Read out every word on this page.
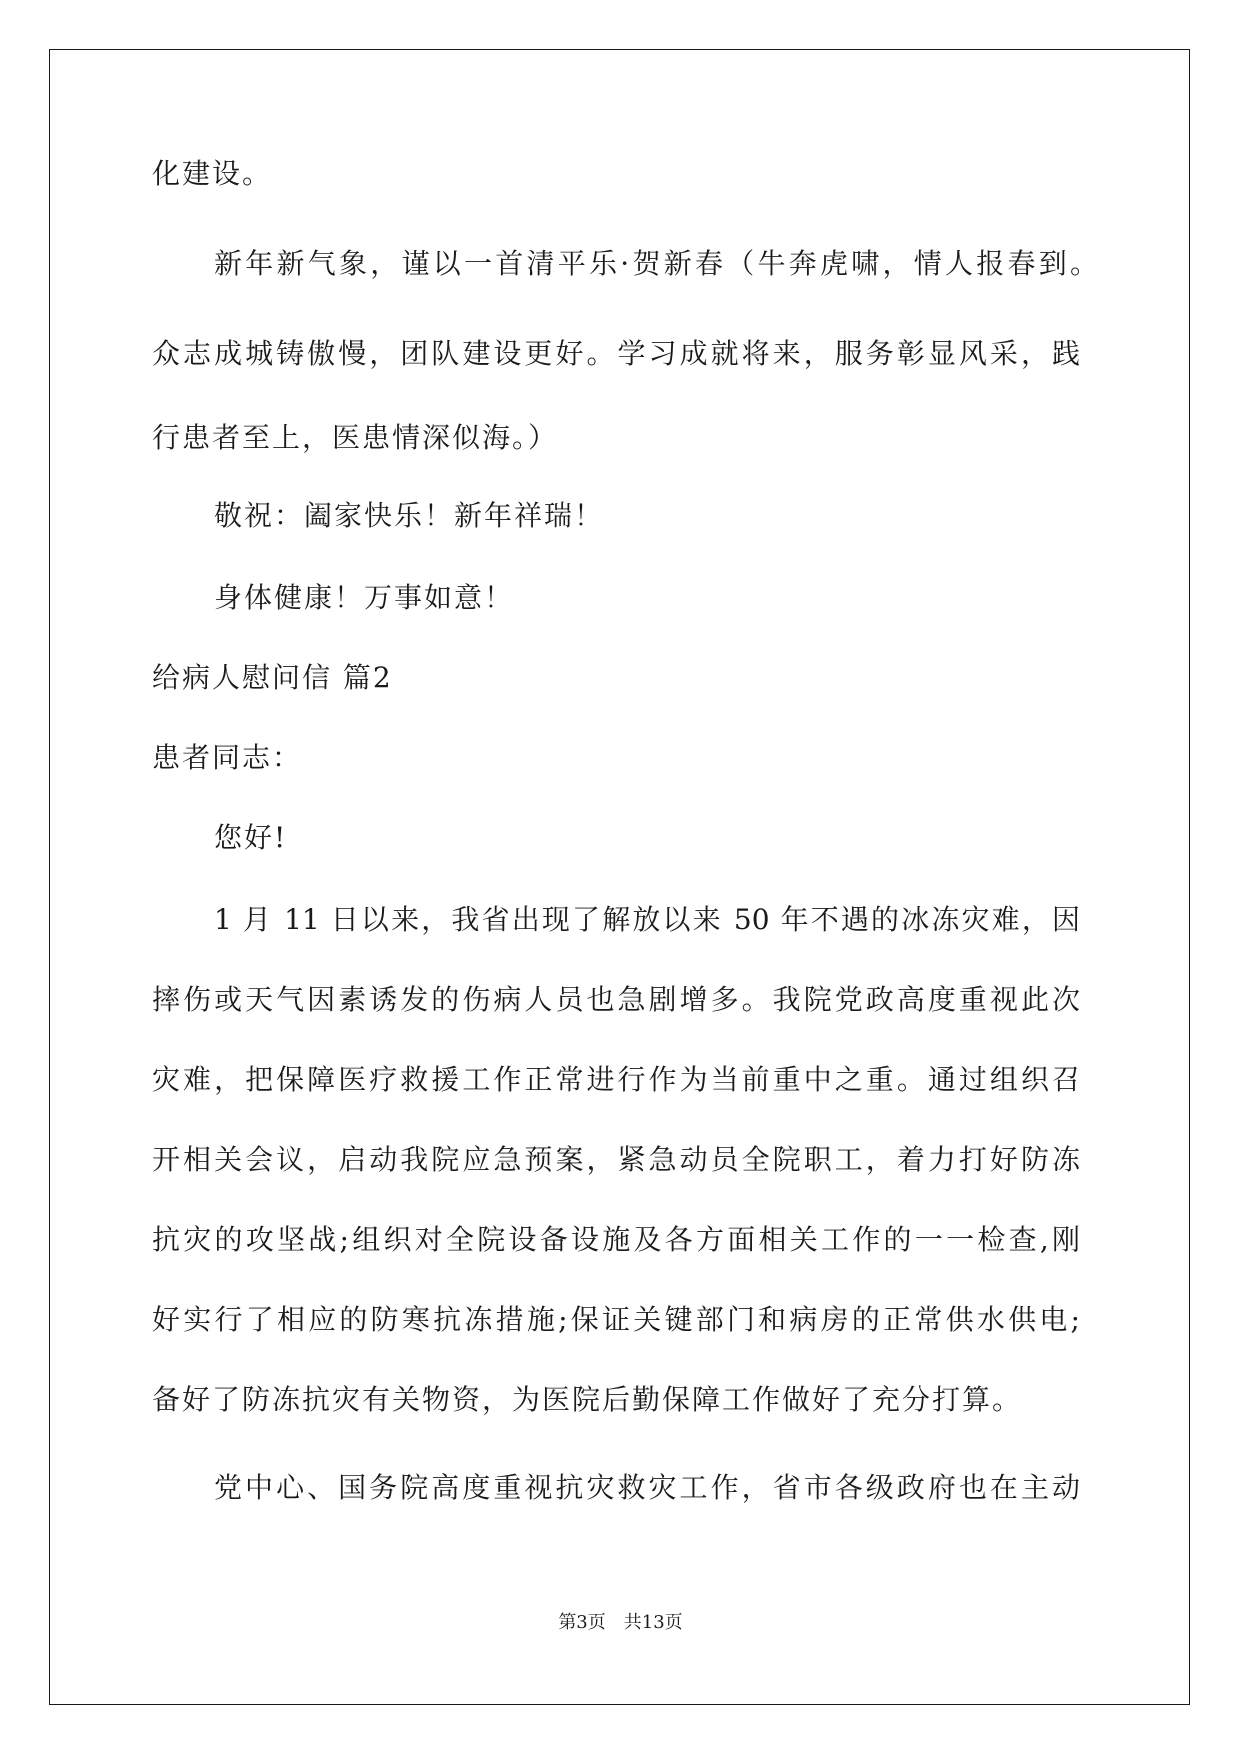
化建设。
新年新气象，谨以一首清平乐·贺新春（牛奔虎啸，情人报春到。
众志成城铸傲慢，团队建设更好。学习成就将来，服务彰显风采，践
行患者至上，医患情深似海。）
敬祝：阖家快乐！新年祥瑞！
身体健康！万事如意！
给病人慰问信 篇2
患者同志：
您好!
1 月 11 日以来，我省出现了解放以来 50 年不遇的冰冻灾难，因
摔伤或天气因素诱发的伤病人员也急剧增多。我院党政高度重视此次
灾难，把保障医疗救援工作正常进行作为当前重中之重。通过组织召
开相关会议，启动我院应急预案，紧急动员全院职工，着力打好防冻
抗灾的攻坚战;组织对全院设备设施及各方面相关工作的一一检查,刚
好实行了相应的防寒抗冻措施;保证关键部门和病房的正常供水供电;
备好了防冻抗灾有关物资，为医院后勤保障工作做好了充分打算。
党中心、国务院高度重视抗灾救灾工作，省市各级政府也在主动
第3页　共13页
